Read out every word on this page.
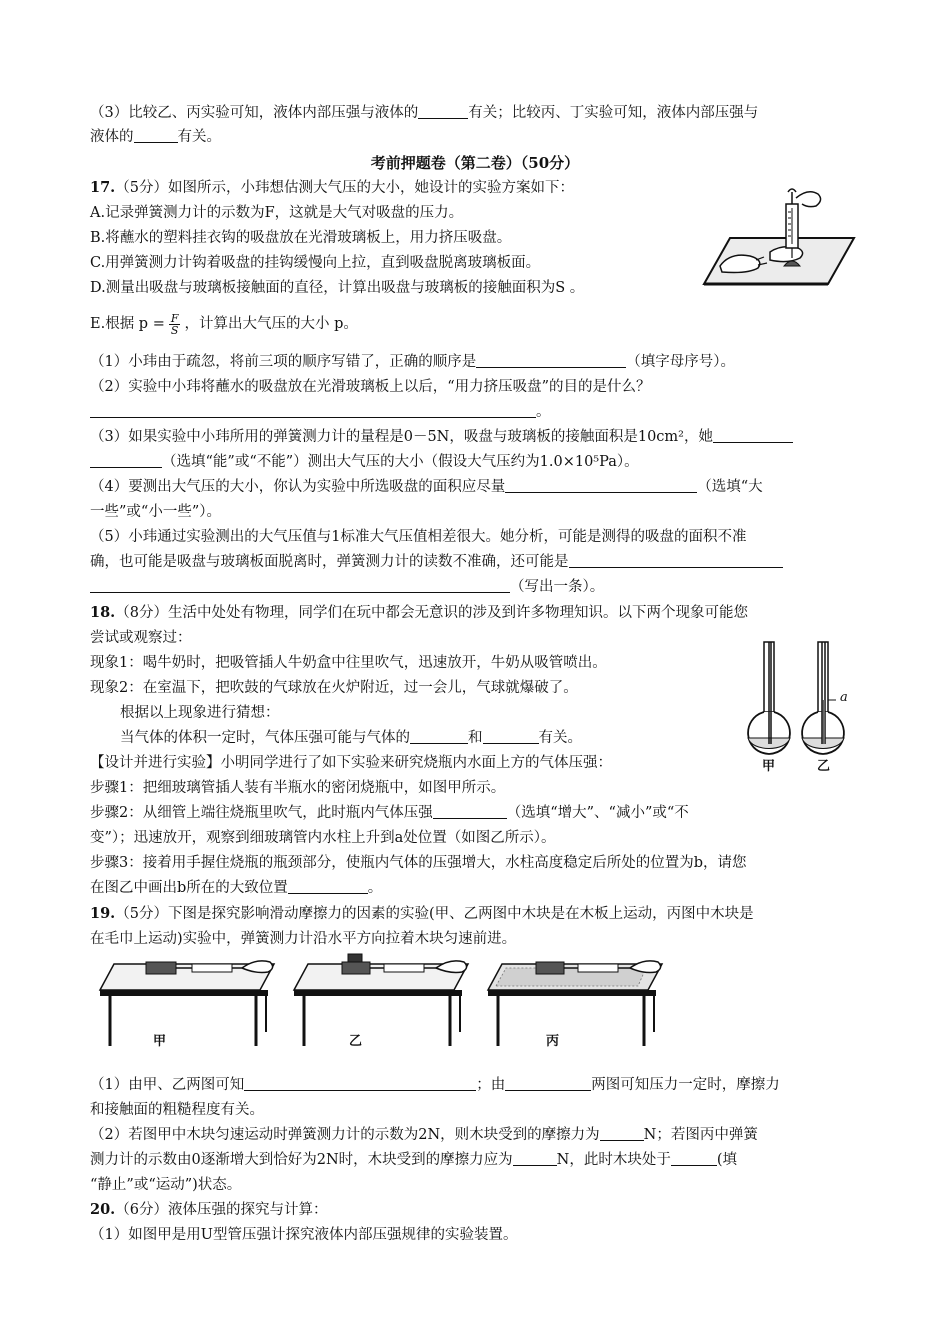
（3）比较乙、丙实验可知，液体内部压强与液体的	有关；比较丙、丁实验可知，液体内部压强与
液体的	有关。
考前押题卷（第二卷）（50分）
17.（5分）如图所示，小玮想估测大气压的大小，她设计的实验方案如下：
A.记录弹簧测力计的示数为F，这就是大气对吸盘的压力。
B.将蘸水的塑料挂衣钩的吸盘放在光滑玻璃板上，用力挤压吸盘。
C.用弹簧测力计钩着吸盘的挂钩缓慢向上拉，直到吸盘脱离玻璃板面。
D.测量出吸盘与玻璃板接触面的直径，计算出吸盘与玻璃板的接触面积为S 。
E.根据 $p = \frac{F}{S}$ ，计算出大气压的大小 p。
（1）小玮由于疏忽，将前三项的顺序写错了，正确的顺序是	（填字母序号）。
（2）实验中小玮将蘸水的吸盘放在光滑玻璃板上以后，“用力挤压吸盘”的目的是什么？
。
（3）如果实验中小玮所用的弹簧测力计的量程是0－5N，吸盘与玻璃板的接触面积是10cm²，她
（选填“能”或“不能”）测出大气压的大小（假设大气压约为1.0×10⁵Pa）。
（4）要测出大气压的大小，你认为实验中所选吸盘的面积应尽量	（选填“大
一些”或“小一些”）。
（5）小玮通过实验测出的大气压值与1标准大气压值相差很大。她分析，可能是测得的吸盘的面积不准
确，也可能是吸盘与玻璃板面脱离时，弹簧测力计的读数不准确，还可能是
（写出一条）。
18.（8分）生活中处处有物理，同学们在玩中都会无意识的涉及到许多物理知识。以下两个现象可能您
尝试或观察过：
现象1：喝牛奶时，把吸管插人牛奶盒中往里吹气，迅速放开，牛奶从吸管喷出。
现象2：在室温下，把吹鼓的气球放在火炉附近，过一会儿，气球就爆破了。
根据以上现象进行猜想：
当气体的体积一定时，气体压强可能与气体的	和	有关。
【设计并进行实验】小明同学进行了如下实验来研究烧瓶内水面上方的气体压强：
步骤1：把细玻璃管插人装有半瓶水的密闭烧瓶中，如图甲所示。
步骤2：从细管上端往烧瓶里吹气，此时瓶内气体压强	（选填“增大”、“减小”或“不
变”）；迅速放开，观察到细玻璃管内水柱上升到a处位置（如图乙所示）。
步骤3：接着用手握住烧瓶的瓶颈部分，使瓶内气体的压强增大，水柱高度稳定后所处的位置为b，请您
在图乙中画出b所在的大致位置	。
a
甲	乙
19.（5分）下图是探究影响滑动摩擦力的因素的实验(甲、乙两图中木块是在木板上运动，丙图中木块是
在毛巾上运动)实验中，弹簧测力计沿水平方向拉着木块匀速前进。
甲	乙	丙
（1）由甲、乙两图可知	；由	两图可知压力一定时，摩擦力
和接触面的粗糙程度有关。
（2）若图甲中木块匀速运动时弹簧测力计的示数为2N，则木块受到的摩擦力为	N；若图丙中弹簧
测力计的示数由0逐渐增大到恰好为2N时，木块受到的摩擦力应为	N，此时木块处于	(填
“静止”或“运动”)状态。
20.（6分）液体压强的探究与计算：
（1）如图甲是用U型管压强计探究液体内部压强规律的实验装置。
